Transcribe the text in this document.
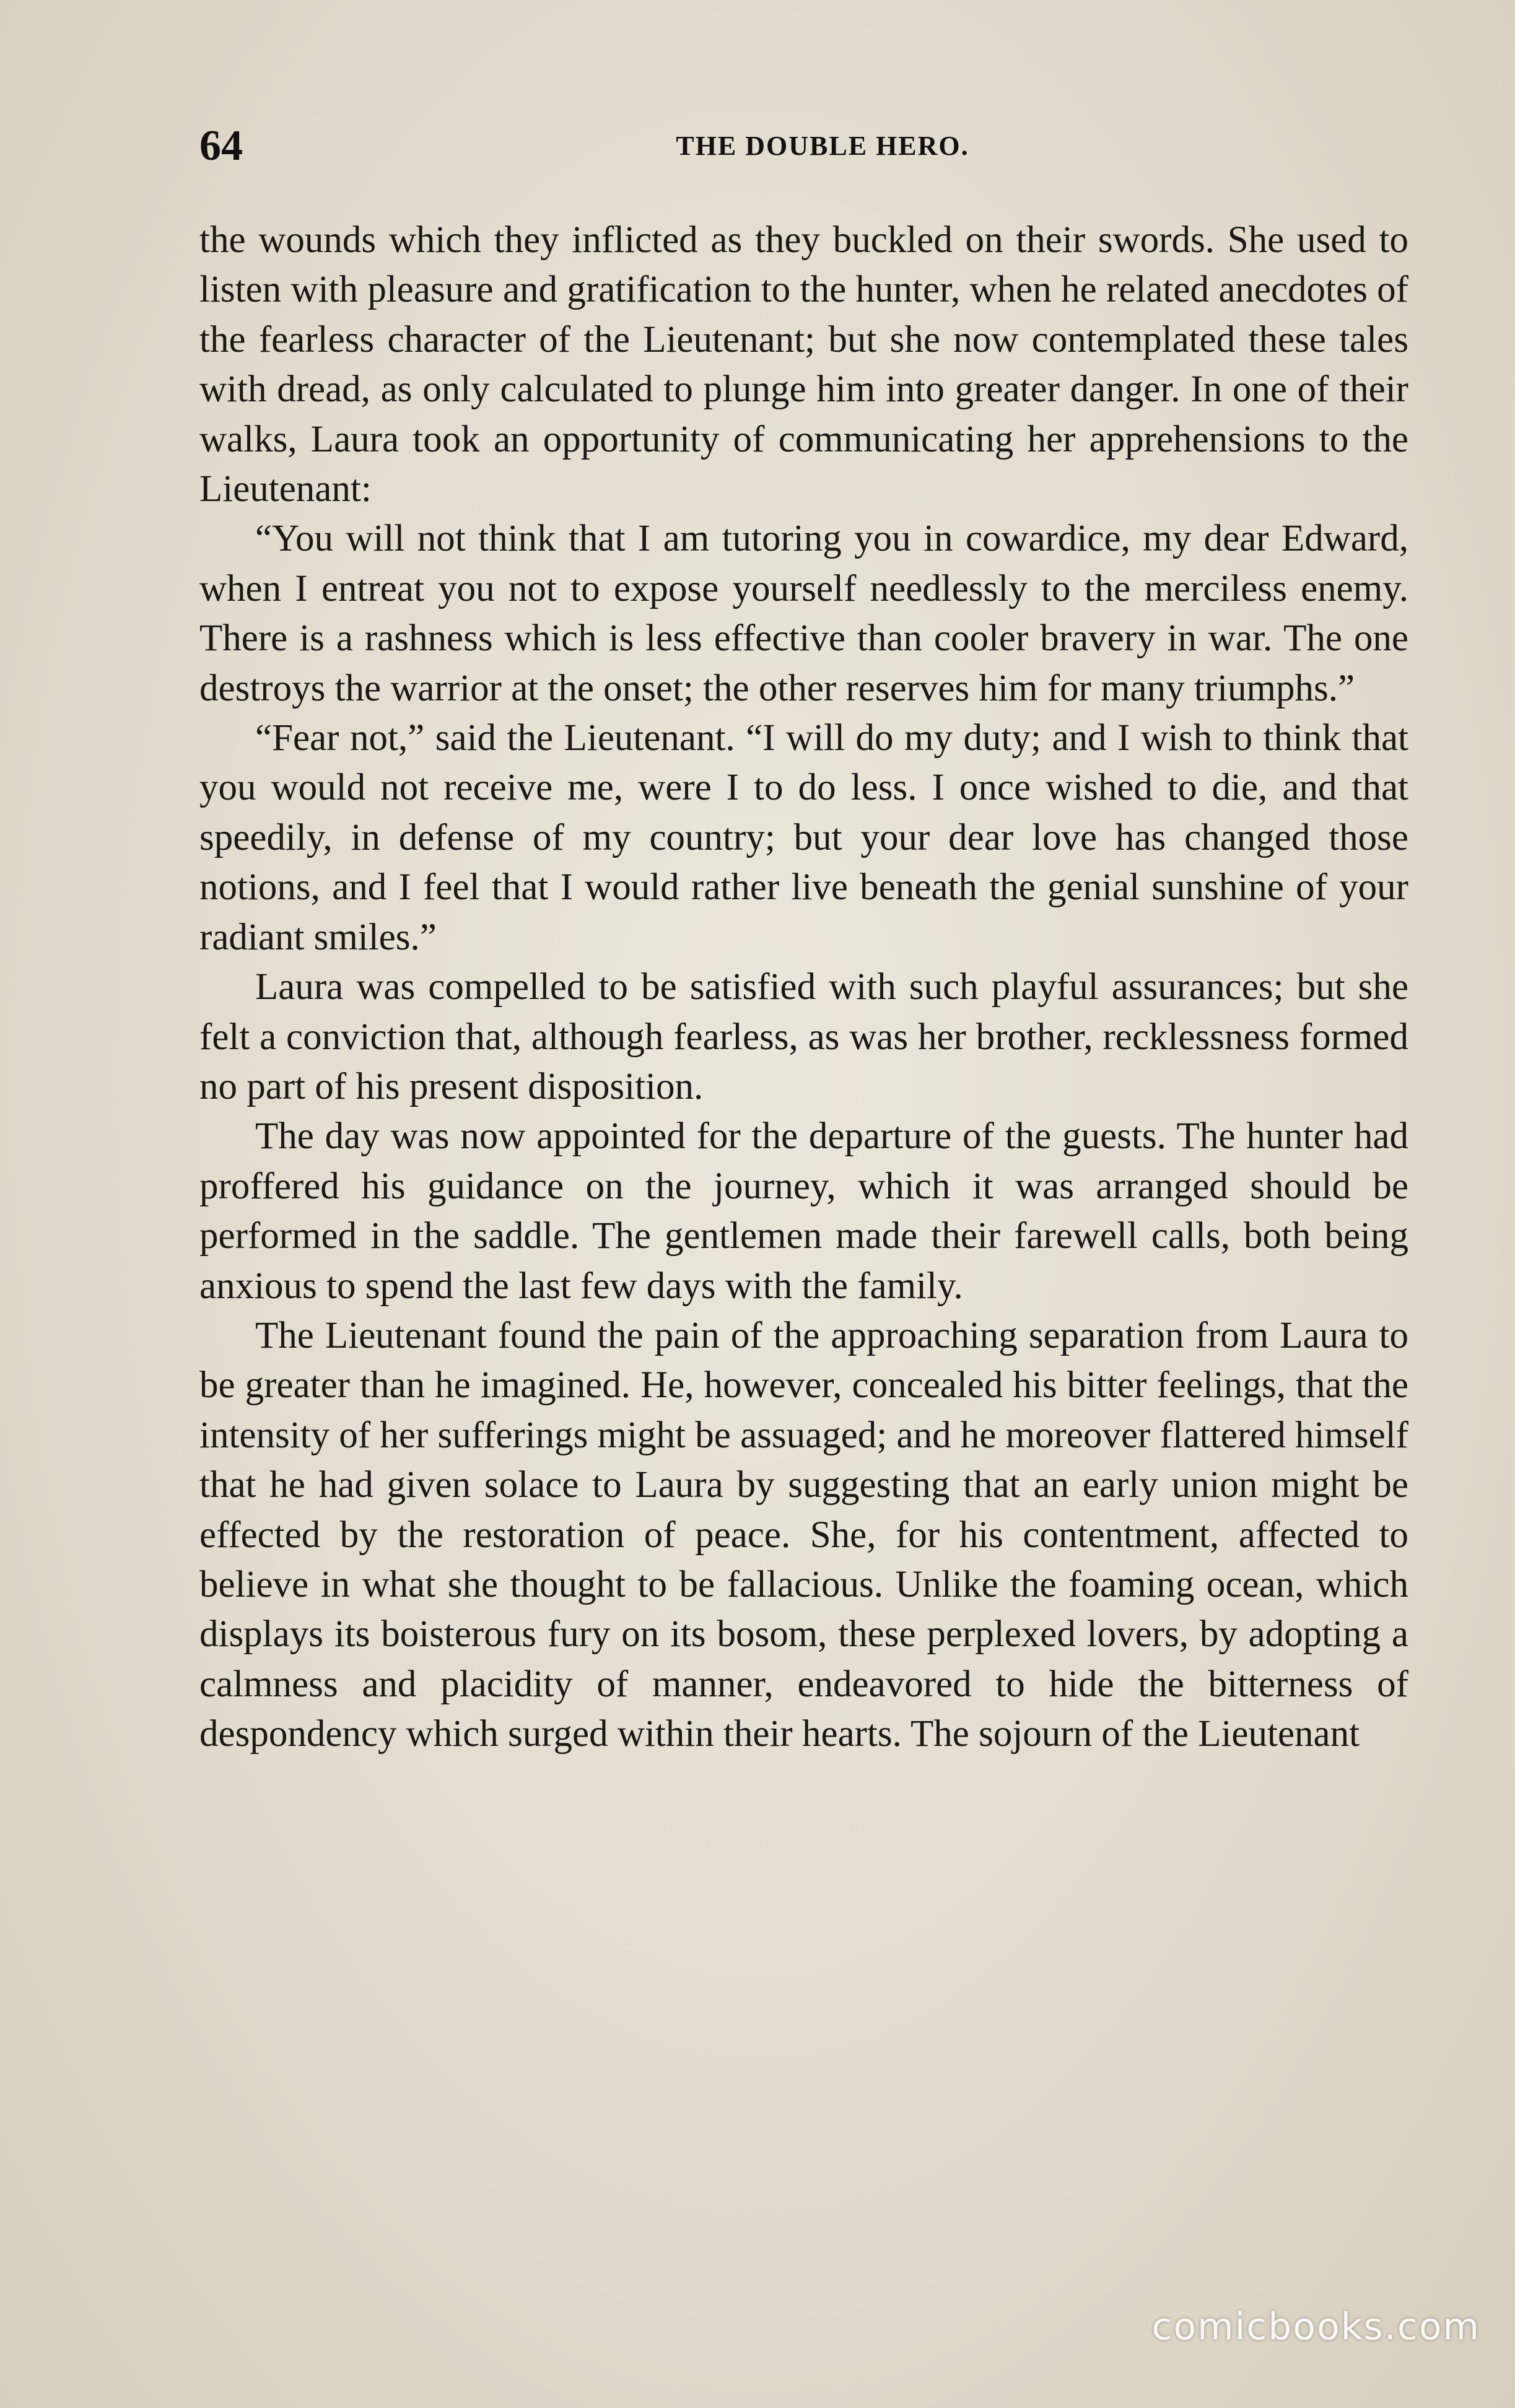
64	THE DOUBLE HERO.

the wounds which they inflicted as they buckled on their swords. She used to listen with pleasure and gratification to the hunter, when he related anecdotes of the fearless character of the Lieutenant; but she now contemplated these tales with dread, as only calculated to plunge him into greater danger. In one of their walks, Laura took an opportunity of communicating her apprehensions to the Lieutenant:

“You will not think that I am tutoring you in cowardice, my dear Edward, when I entreat you not to expose yourself needlessly to the merciless enemy. There is a rashness which is less effective than cooler bravery in war. The one destroys the warrior at the onset; the other reserves him for many triumphs.”

“Fear not,” said the Lieutenant. “I will do my duty; and I wish to think that you would not receive me, were I to do less. I once wished to die, and that speedily, in defense of my country; but your dear love has changed those notions, and I feel that I would rather live beneath the genial sunshine of your radiant smiles.”

Laura was compelled to be satisfied with such playful assurances; but she felt a conviction that, although fearless, as was her brother, recklessness formed no part of his present disposition.

The day was now appointed for the departure of the guests. The hunter had proffered his guidance on the journey, which it was arranged should be performed in the saddle. The gentlemen made their farewell calls, both being anxious to spend the last few days with the family.

The Lieutenant found the pain of the approaching separation from Laura to be greater than he imagined. He, however, concealed his bitter feelings, that the intensity of her sufferings might be assuaged; and he moreover flattered himself that he had given solace to Laura by suggesting that an early union might be effected by the restoration of peace. She, for his contentment, affected to believe in what she thought to be fallacious. Unlike the foaming ocean, which displays its boisterous fury on its bosom, these perplexed lovers, by adopting a calmness and placidity of manner, endeavored to hide the bitterness of despondency which surged within their hearts. The sojourn of the Lieutenant

comicbooks.com
